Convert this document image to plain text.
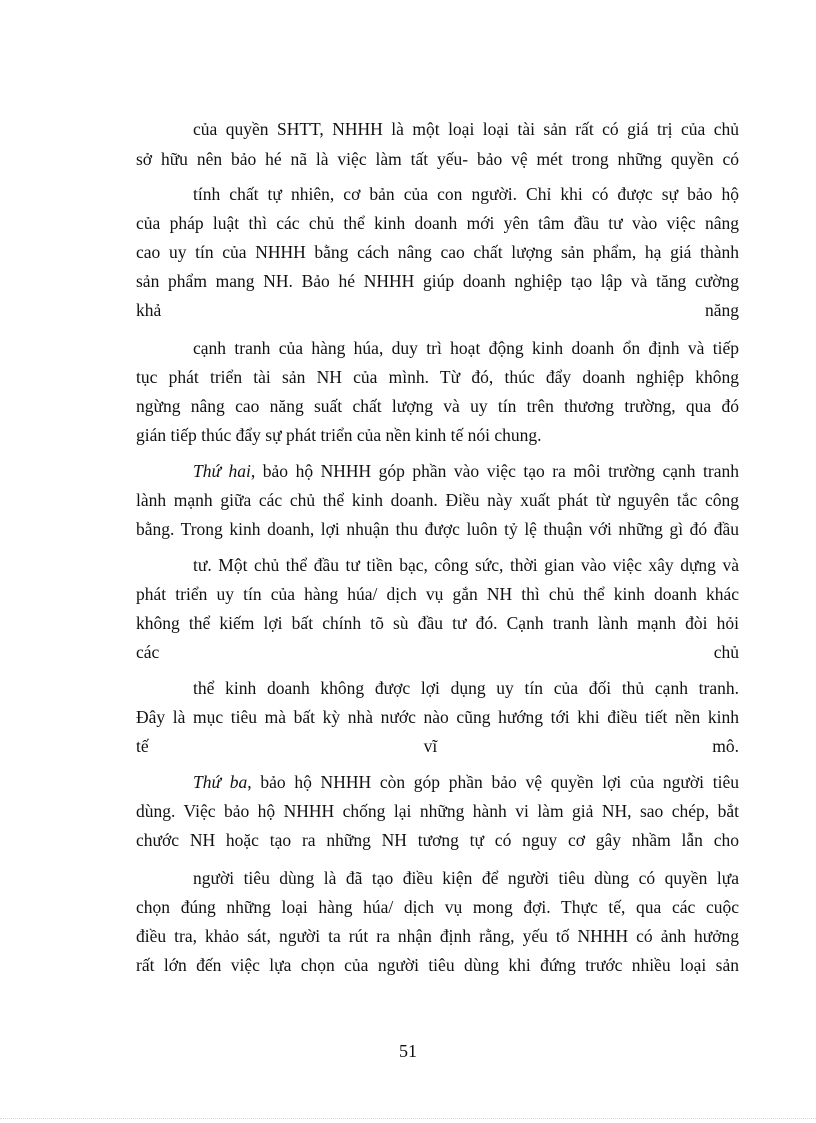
của quyền SHTT, NHHH là một loại loại tài sản rất có giá trị của chủ
sở hữu nên bảo hé nã là việc làm tất yếu- bảo vệ mét trong những quyền có
tính chất tự nhiên, cơ bản của con người. Chỉ khi có được sự bảo hộ
của pháp luật thì các chủ thể kinh doanh mới yên tâm đầu tư vào việc nâng
cao uy tín của NHHH bằng cách nâng cao chất lượng sản phẩm, hạ giá thành
sản phẩm mang NH. Bảo hé NHHH giúp doanh nghiệp tạo lập và tăng cường
khả năng
cạnh tranh của hàng húa, duy trì hoạt động kinh doanh ổn định và tiếp
tục phát triển tài sản NH của mình. Từ đó, thúc đẩy doanh nghiệp không
ngừng nâng cao năng suất chất lượng và uy tín trên thương trường, qua đó
gián tiếp thúc đẩy sự phát triển của nền kinh tế nói chung.
Thứ hai, bảo hộ NHHH góp phần vào việc tạo ra môi trường cạnh tranh
lành mạnh giữa các chủ thể kinh doanh. Điều này xuất phát từ nguyên tắc công
bằng. Trong kinh doanh, lợi nhuận thu được luôn tỷ lệ thuận với những gì đó đầu
tư. Một chủ thể đầu tư tiền bạc, công sức, thời gian vào việc xây dựng và
phát triển uy tín của hàng húa/ dịch vụ gắn NH thì chủ thể kinh doanh khác
không thể kiếm lợi bất chính tõ sù đầu tư đó. Cạnh tranh lành mạnh đòi hỏi
các chủ
thể kinh doanh không được lợi dụng uy tín của đối thủ cạnh tranh.
Đây là mục tiêu mà bất kỳ nhà nước nào cũng hướng tới khi điều tiết nền kinh
tế vĩ mô.
Thứ ba, bảo hộ NHHH còn góp phần bảo vệ quyền lợi của người tiêu
dùng. Việc bảo hộ NHHH chống lại những hành vi làm giả NH, sao chép, bắt
chước NH hoặc tạo ra những NH tương tự có nguy cơ gây nhầm lẫn cho
người tiêu dùng là đã tạo điều kiện để người tiêu dùng có quyền lựa
chọn đúng những loại hàng húa/ dịch vụ mong đợi. Thực tế, qua các cuộc
điều tra, khảo sát, người ta rút ra nhận định rằng, yếu tố NHHH có ảnh hưởng
rất lớn đến việc lựa chọn của người tiêu dùng khi đứng trước nhiều loại sản
51
